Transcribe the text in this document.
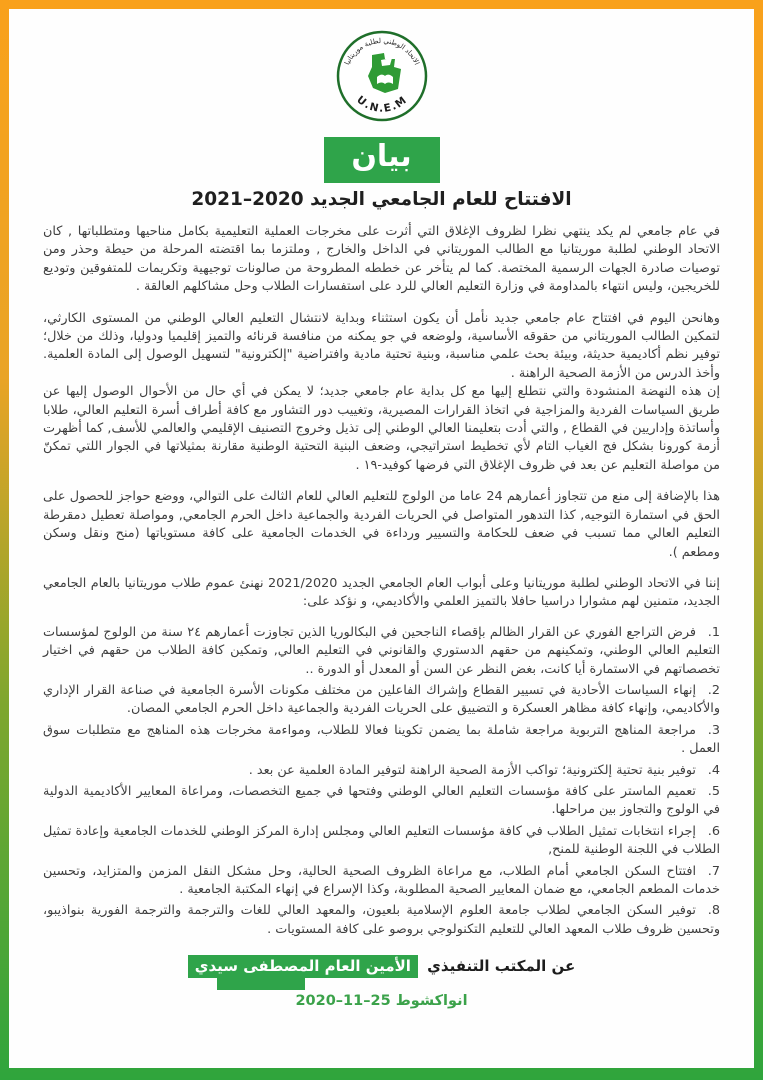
الاتحاد الوطني لطلبة موريتانيا
U.N.E.M
بيان
الافتتاح للعام الجامعي الجديد 2020–2021

في عام جامعي لم يكد ينتهي نظرا لظروف الإغلاق التي أثرت على مخرجات العملية التعليمية بكامل مناحيها ومتطلباتها , كان الاتحاد الوطني لطلبة موريتانيا مع الطالب الموريتاني في الداخل والخارج , وملتزما بما اقتضته المرحلة من حيطة وحذر ومن توصيات صادرة الجهات الرسمية المختصة. كما لم يتأخر عن خططه المطروحة من صالونات توجيهية وتكريمات للمتفوقين وتوديع للخريجين، وليس انتهاء بالمداومة في وزارة التعليم العالي للرد على استفسارات الطلاب وحل مشاكلهم العالقة .

وهانحن اليوم في افتتاح عام جامعي جديد نأمل أن يكون استثناء وبداية لانتشال التعليم العالي الوطني من المستوى الكارثي، لتمكين الطالب الموريتاني من حقوقه الأساسية، ولوضعه في جو يمكنه من منافسة قرنائه والتميز إقليميا ودوليا، وذلك من خلال؛ توفير نظم أكاديمية حديثة، وبيئة بحث علمي مناسبة، وبنية تحتية مادية وافتراضية "إلكترونية" لتسهيل الوصول إلى المادة العلمية. وأخذ الدرس من الأزمة الصحية الراهنة .

إن هذه النهضة المنشودة والتي نتطلع إليها مع كل بداية عام جامعي جديد؛ لا يمكن في أي حال من الأحوال الوصول إليها عن طريق السياسات الفردية والمزاجية في اتخاذ القرارات المصيرية، وتغييب دور التشاور مع كافة أطراف أسرة التعليم العالي، طلابا وأساتذة وإداريين في القطاع , والتي أدت بتعليمنا العالي الوطني إلى تذيل وخروج التصنيف الإقليمي والعالمي للأسف, كما أظهرت أزمة كورونا بشكل فج الغياب التام لأي تخطيط استراتيجي، وضعف البنية التحتية الوطنية مقارنة بمثيلاتها في الجوار اللتي تمكنّ من مواصلة التعليم عن بعد في ظروف الإغلاق التي فرضها كوفيد-١٩ .

هذا بالإضافة إلى منع من تتجاوز أعمارهم 24 عاما من الولوج للتعليم العالي للعام الثالث على التوالي، ووضع حواجز للحصول على الحق في استمارة التوجيه, كذا التدهور المتواصل في الحريات الفردية والجماعية داخل الحرم الجامعي, ومواصلة تعطيل دمقرطة التعليم العالي مما تسبب في ضعف للحكامة والتسيير ورداءة في الخدمات الجامعية على كافة مستوياتها (منح ونقل وسكن ومطعم ).

إننا في الاتحاد الوطني لطلبة موريتانيا وعلى أبواب العام الجامعي الجديد 2021/2020 نهنئ عموم طلاب موريتانيا بالعام الجامعي الجديد، متمنين لهم مشوارا دراسيا حافلا بالتميز العلمي والأكاديمي، و نؤكد على:

1.فرض التراجع الفوري عن القرار الظالم بإقصاء الناجحين في البكالوريا الذين تجاوزت أعمارهم ٢٤ سنة من الولوج لمؤسسات التعليم العالي الوطني، وتمكينهم من حقهم الدستوري والقانوني في التعليم العالي, وتمكين كافة الطلاب من حقهم في اختيار تخصصاتهم في الاستمارة أيا كانت، بغض النظر عن السن أو المعدل أو الدورة ..
2.إنهاء السياسات الأحادية في تسيير القطاع وإشراك الفاعلين من مختلف مكونات الأسرة الجامعية في صناعة القرار الإداري والأكاديمي، وإنهاء كافة مظاهر العسكرة و التضييق على الحريات الفردية والجماعية داخل الحرم الجامعي المصان.
3.مراجعة المناهج التربوية مراجعة شاملة بما يضمن تكوينا فعالا للطلاب، ومواءمة مخرجات هذه المناهج مع متطلبات سوق العمل .
4.توفير بنية تحتية إلكترونية؛ تواكب الأزمة الصحية الراهنة لتوفير المادة العلمية عن بعد .
5.تعميم الماستر على كافة مؤسسات التعليم العالي الوطني وفتحها في جميع التخصصات، ومراعاة المعايير الأكاديمية الدولية في الولوج والتجاوز بين مراحلها.
6.إجراء انتخابات تمثيل الطلاب في كافة مؤسسات التعليم العالي ومجلس إدارة المركز الوطني للخدمات الجامعية وإعادة تمثيل الطلاب في اللجنة الوطنية للمنح,
7.افتتاح السكن الجامعي أمام الطلاب، مع مراعاة الظروف الصحية الحالية، وحل مشكل النقل المزمن والمتزايد، وتحسين خدمات المطعم الجامعي، مع ضمان المعايير الصحية المطلوبة، وكذا الإسراع في إنهاء المكتبة الجامعية .
8.توفير السكن الجامعي لطلاب جامعة العلوم الإسلامية بلعيون، والمعهد العالي للغات والترجمة والترجمة الفورية بنواذيبو، وتحسين ظروف طلاب المعهد العالي للتعليم التكنولوجي بروصو على كافة المستويات .
عن المكتب التنفيذي الأمين العام المصطفى سيدي
انواكشوط 25–11–2020
